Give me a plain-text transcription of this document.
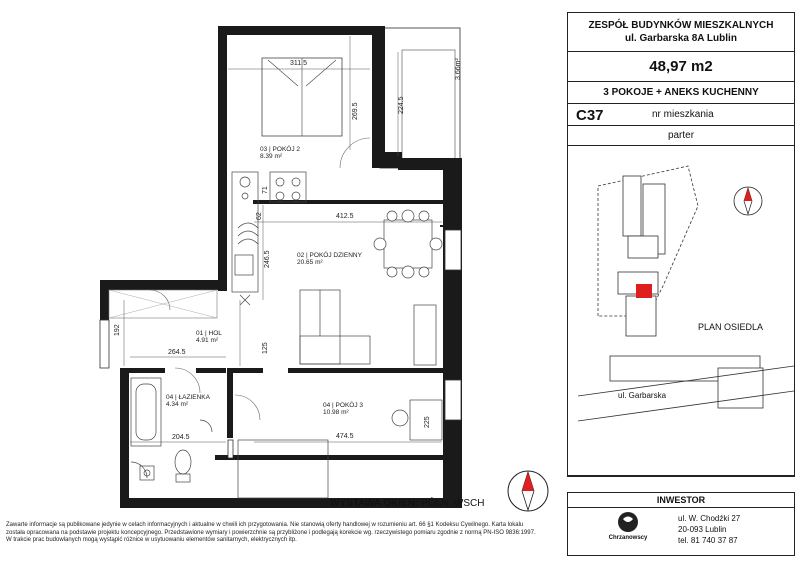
03 | POKÓJ 2
8.39 m²
02 | POKÓJ DZIENNY
20.65 m²
01 | HOL
4.91 m²
04 | POKÓJ 3
10.98 m²
04 | ŁAZIENKA
4.34 m²
311.5
269.5	224.5
3.66m²
412.5
246.5
125
264.5
192
474.5
204.5
225
71
62
WYSTAWA OKIEN: PÓŁN, WSCH
Zawarte informacje są publikowane jedynie w celach informacyjnych i aktualne w chwili ich przygotowania. Nie stanowią oferty handlowej w rozumieniu art. 66 §1 Kodeksu Cywilnego. Karta lokalu
została opracowana na podstawie projektu koncepcyjnego. Przedstawione wymiary i powierzchnie są przybliżone i podlegają korekcie wg. rzeczywistego pomiaru zgodnie z normą PN-ISO 9836:1997.
W trakcie prac budowlanych mogą wystąpić różnice w usytuowaniu elementów sanitarnych, elektrycznych itp.
ZESPÓŁ BUDYNKÓW MIESZKALNYCH
ul. Garbarska 8A Lublin
48,97 m2
3 POKOJE + ANEKS KUCHENNY
C37	nr mieszkania
parter
PLAN OSIEDLA
ul. Garbarska
INWESTOR
Chrzanowscy
ul. W. Chodźki 27
20-093 Lublin
tel. 81 740 37 87
